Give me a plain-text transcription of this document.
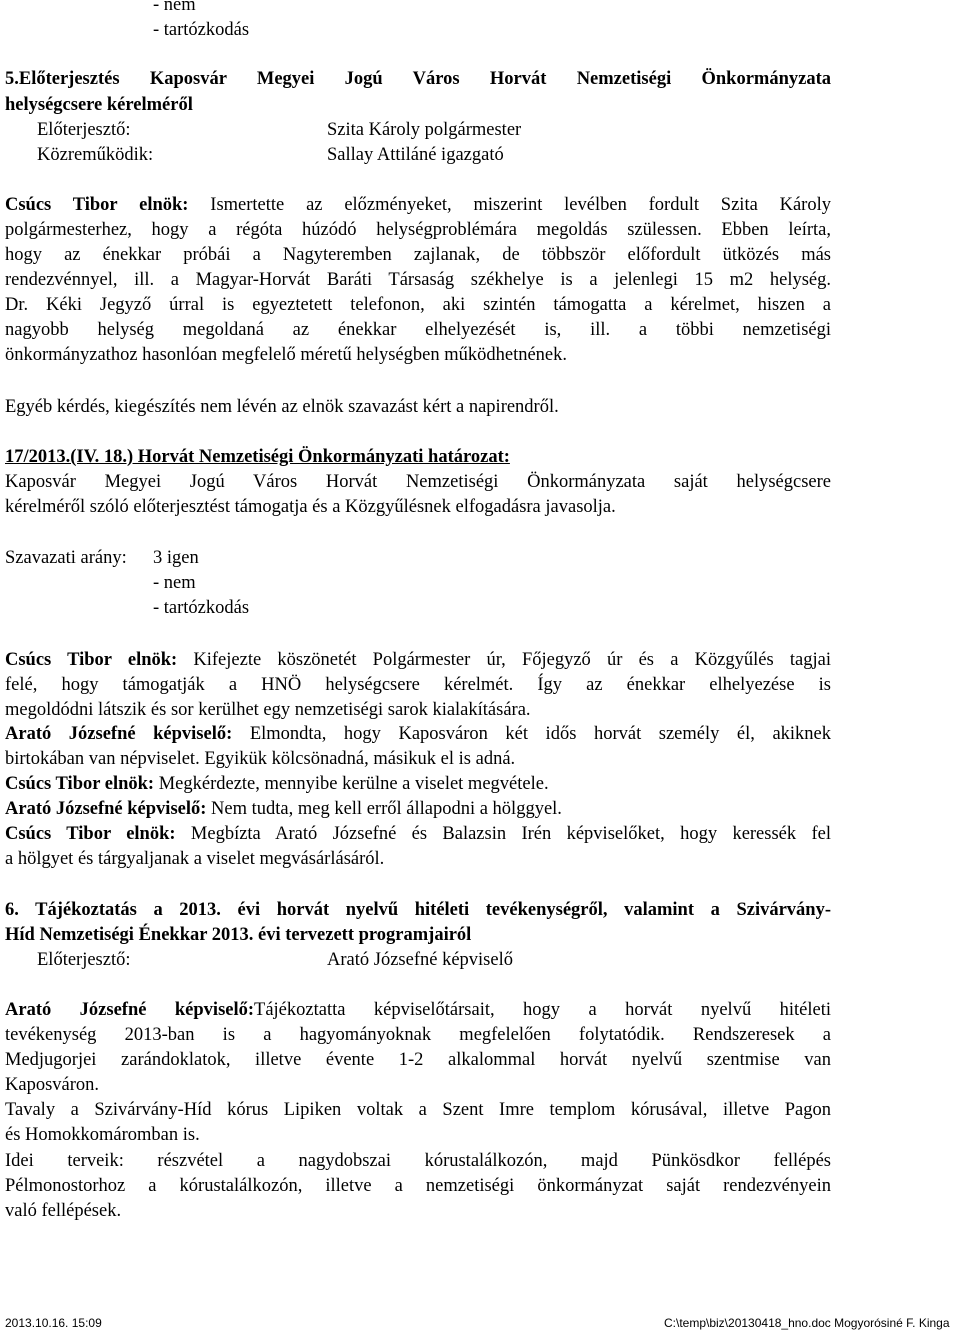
- nem
- tartózkodás
5.Előterjesztés Kaposvár Megyei Jogú Város Horvát Nemzetiségi Önkormányzata
helységcsere kérelméről
Előterjesztő:	Szita Károly polgármester
Közreműködik:	Sallay Attiláné igazgató
Csúcs Tibor elnök: Ismertette az előzményeket, miszerint levélben fordult Szita Károly
polgármesterhez, hogy a régóta húzódó helységproblémára megoldás szülessen. Ebben leírta,
hogy az énekkar próbái a Nagyteremben zajlanak, de többször előfordult ütközés más
rendezvénnyel, ill. a Magyar-Horvát Baráti Társaság székhelye is a jelenlegi 15 m2 helység.
Dr. Kéki Jegyző úrral is egyeztetett telefonon, aki szintén támogatta a kérelmet, hiszen a
nagyobb helység megoldaná az énekkar elhelyezését is, ill. a többi nemzetiségi
önkormányzathoz hasonlóan megfelelő méretű helységben működhetnének.
Egyéb kérdés, kiegészítés nem lévén az elnök szavazást kért a napirendről.
17/2013.(IV. 18.) Horvát Nemzetiségi Önkormányzati határozat:
Kaposvár Megyei Jogú Város Horvát Nemzetiségi Önkormányzata saját helységcsere
kérelméről szóló előterjesztést támogatja és a Közgyűlésnek elfogadásra javasolja.
Szavazati arány: 3 igen
- nem
- tartózkodás
Csúcs Tibor elnök: Kifejezte köszönetét Polgármester úr, Főjegyző úr és a Közgyűlés tagjai
felé, hogy támogatják a HNÖ helységcsere kérelmét. Így az énekkar elhelyezése is
megoldódni látszik és sor kerülhet egy nemzetiségi sarok kialakítására.
Arató Józsefné képviselő: Elmondta, hogy Kaposváron két idős horvát személy él, akiknek
birtokában van népviselet. Egyikük kölcsönadná, másikuk el is adná.
Csúcs Tibor elnök: Megkérdezte, mennyibe kerülne a viselet megvétele.
Arató Józsefné képviselő: Nem tudta, meg kell erről állapodni a hölggyel.
Csúcs Tibor elnök: Megbízta Arató Józsefné és Balazsin Irén képviselőket, hogy keressék fel
a hölgyet és tárgyaljanak a viselet megvásárlásáról.
6. Tájékoztatás a 2013. évi horvát nyelvű hitéleti tevékenységről, valamint a Szivárvány-
Híd Nemzetiségi Énekkar 2013. évi tervezett programjairól
Előterjesztő:	Arató Józsefné képviselő
Arató Józsefné képviselő:Tájékoztatta képviselőtársait, hogy a horvát nyelvű hitéleti
tevékenység 2013-ban is a hagyományoknak megfelelően folytatódik. Rendszeresek a
Medjugorjei zarándoklatok, illetve évente 1-2 alkalommal horvát nyelvű szentmise van
Kaposváron.
Tavaly a Szivárvány-Híd kórus Lipiken voltak a Szent Imre templom kórusával, illetve Pagon
és Homokkomáromban is.
Idei terveik: részvétel a nagydobszai kórustalálkozón, majd Pünkösdkor fellépés
Pélmonostorhoz a kórustalálkozón, illetve a nemzetiségi önkormányzat saját rendezvényein
való fellépések.
2013.10.16. 15:09	C:\temp\biz\20130418_hno.doc Mogyorósiné F. Kinga
